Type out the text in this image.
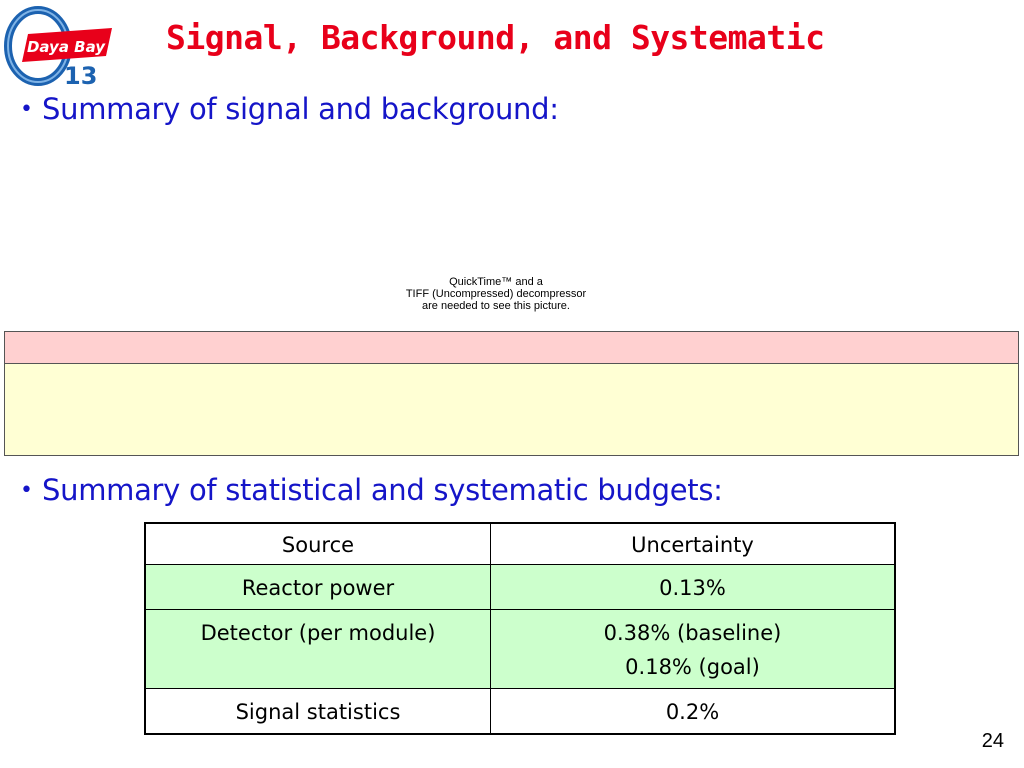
Daya Bay
13
Signal, Background, and Systematic
• Summary of signal and background:
QuickTime™ and a
TIFF (Uncompressed) decompressor
are needed to see this picture.
• Summary of statistical and systematic budgets:
Source	Uncertainty
Reactor power	0.13%
Detector (per module)	0.38% (baseline)
0.18% (goal)

Signal statistics	0.2%
24
